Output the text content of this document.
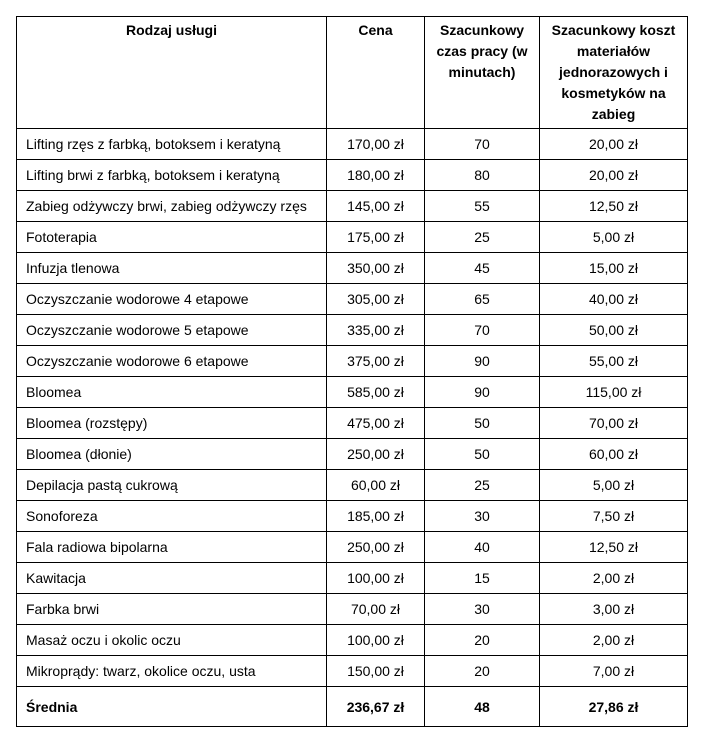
Rodzaj usługi	Cena	Szacunkowy czas pracy (w minutach)	Szacunkowy koszt materiałów jednorazowych i kosmetyków na zabieg
Lifting rzęs z farbką, botoksem i keratyną	170,00 zł	70	20,00 zł
Lifting brwi z farbką, botoksem i keratyną	180,00 zł	80	20,00 zł
Zabieg odżywczy brwi, zabieg odżywczy rzęs	145,00 zł	55	12,50 zł
Fototerapia	175,00 zł	25	5,00 zł
Infuzja tlenowa	350,00 zł	45	15,00 zł
Oczyszczanie wodorowe 4 etapowe	305,00 zł	65	40,00 zł
Oczyszczanie wodorowe 5 etapowe	335,00 zł	70	50,00 zł
Oczyszczanie wodorowe 6 etapowe	375,00 zł	90	55,00 zł
Bloomea	585,00 zł	90	115,00 zł
Bloomea (rozstępy)	475,00 zł	50	70,00 zł
Bloomea (dłonie)	250,00 zł	50	60,00 zł
Depilacja pastą cukrową	60,00 zł	25	5,00 zł
Sonoforeza	185,00 zł	30	7,50 zł
Fala radiowa bipolarna	250,00 zł	40	12,50 zł
Kawitacja	100,00 zł	15	2,00 zł
Farbka brwi	70,00 zł	30	3,00 zł
Masaż oczu i okolic oczu	100,00 zł	20	2,00 zł
Mikroprądy: twarz, okolice oczu, usta	150,00 zł	20	7,00 zł
Średnia	236,67 zł	48	27,86 zł
